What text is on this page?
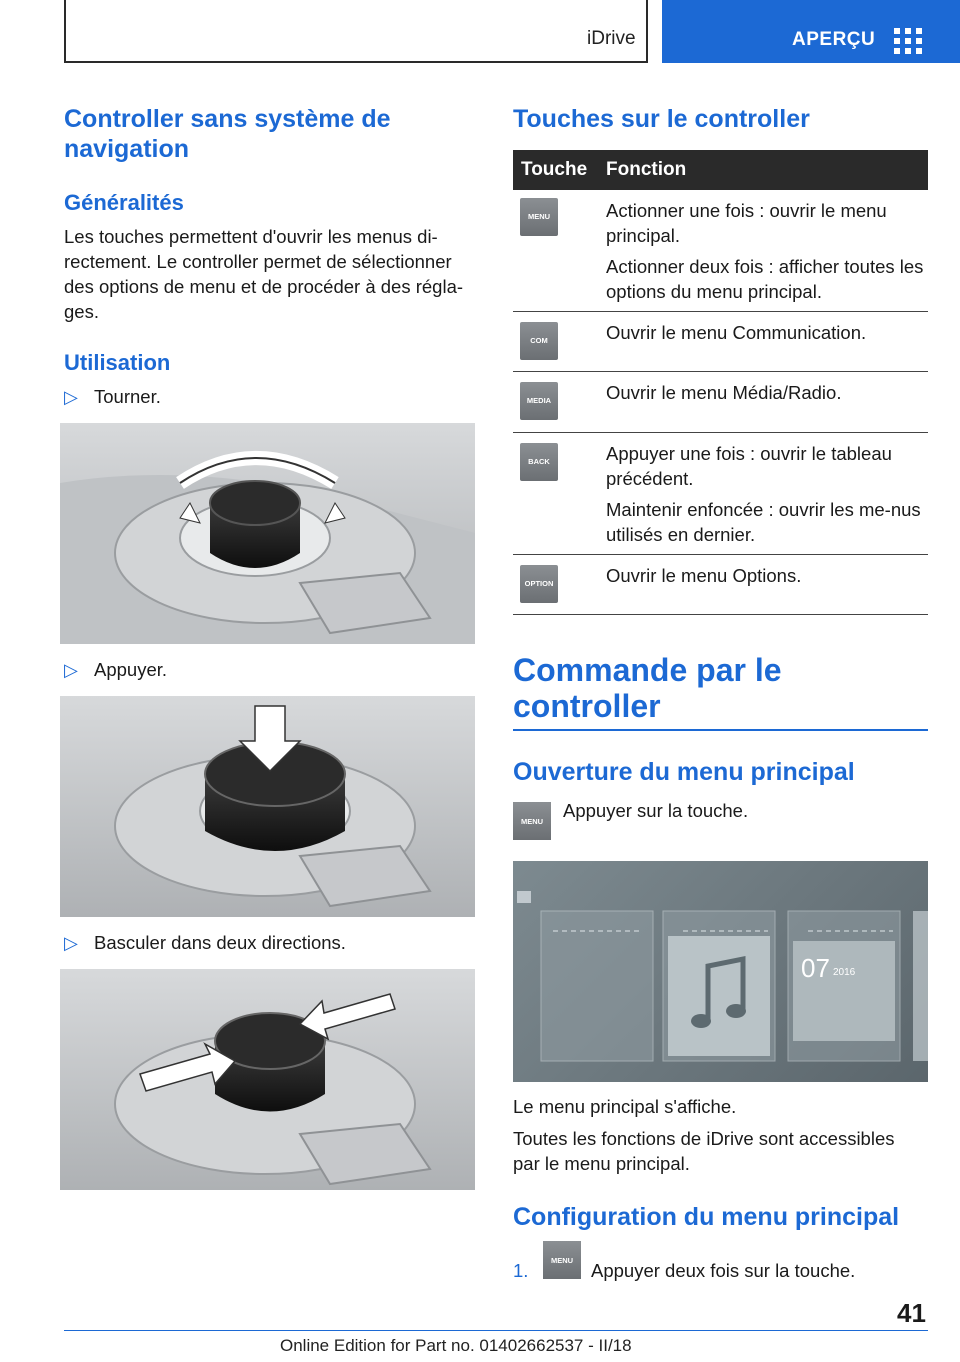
iDrive	APERÇU
Controller sans système de
navigation
Généralités
Les touches permettent d'ouvrir les menus di‐
rectement. Le controller permet de sélectionner
des options de menu et de procéder à des régla‐
ges.
Utilisation
▷ Tourner.
▷ Appuyer.
▷ Basculer dans deux directions.
Touches sur le controller
Touche Fonction
MENU	Actionner une fois : ouvrir le menu principal.

Actionner deux fois : afficher toutes les options du menu principal.

COM	Ouvrir le menu Communication.

MEDIA	Ouvrir le menu Média/Radio.

BACK	Appuyer une fois : ouvrir le tableau précédent.

Maintenir enfoncée : ouvrir les me‐nus utilisés en dernier.

OPTION	Ouvrir le menu Options.

Commande par le
controller
Ouverture du menu principal
MENU
Appuyer sur la touche.
07 2016
Le menu principal s'affiche.
Toutes les fonctions de iDrive sont accessibles
par le menu principal.
Configuration du menu principal
1.	MENU Appuyer deux fois sur la touche.
41
Online Edition for Part no. 01402662537 - II/18
